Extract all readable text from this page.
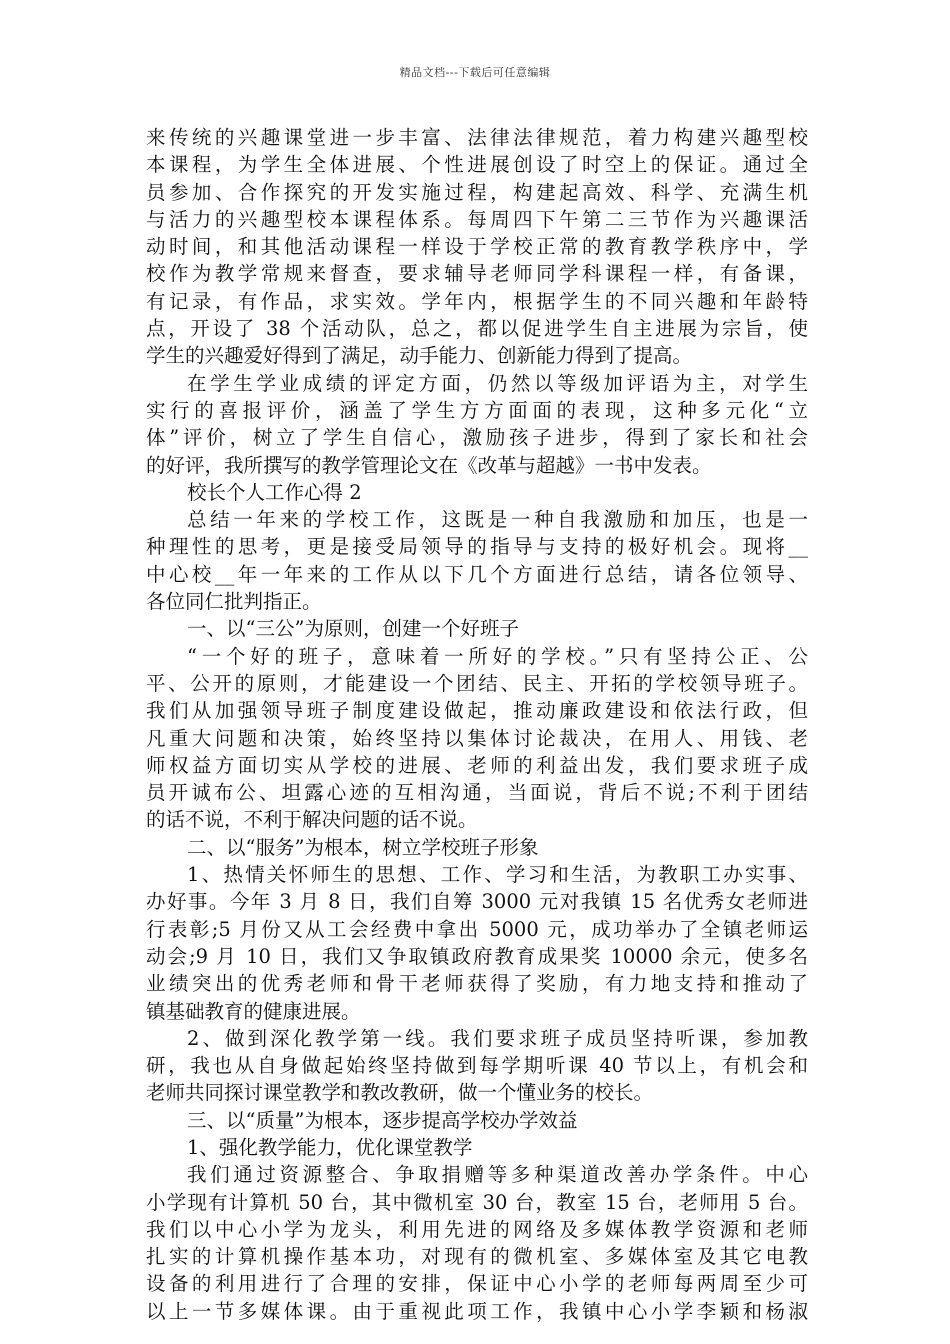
精品文档---下载后可任意编辑
来传统的兴趣课堂进一步丰富、法律法律规范，着力构建兴趣型校
本课程，为学生全体进展、个性进展创设了时空上的保证。通过全
员参加、合作探究的开发实施过程，构建起高效、科学、充满生机
与活力的兴趣型校本课程体系。每周四下午第二三节作为兴趣课活
动时间，和其他活动课程一样设于学校正常的教育教学秩序中，学
校作为教学常规来督查，要求辅导老师同学科课程一样，有备课，
有记录，有作品，求实效。学年内，根据学生的不同兴趣和年龄特
点，开设了 38 个活动队，总之，都以促进学生自主进展为宗旨，使
学生的兴趣爱好得到了满足，动手能力、创新能力得到了提高。
在学生学业成绩的评定方面，仍然以等级加评语为主，对学生
实行的喜报评价，涵盖了学生方方面面的表现，这种多元化“立
体”评价，树立了学生自信心，激励孩子进步，得到了家长和社会
的好评，我所撰写的教学管理论文在《改革与超越》一书中发表。
校长个人工作心得 2
总结一年来的学校工作，这既是一种自我激励和加压，也是一
种理性的思考，更是接受局领导的指导与支持的极好机会。现将__
中心校__年一年来的工作从以下几个方面进行总结，请各位领导、
各位同仁批判指正。
一、以“三公”为原则，创建一个好班子
“一个好的班子，意味着一所好的学校。”只有坚持公正、公
平、公开的原则，才能建设一个团结、民主、开拓的学校领导班子。
我们从加强领导班子制度建设做起，推动廉政建设和依法行政，但
凡重大问题和决策，始终坚持以集体讨论裁决，在用人、用钱、老
师权益方面切实从学校的进展、老师的利益出发，我们要求班子成
员开诚布公、坦露心迹的互相沟通，当面说，背后不说;不利于团结
的话不说，不利于解决问题的话不说。
二、以“服务”为根本，树立学校班子形象
1、热情关怀师生的思想、工作、学习和生活，为教职工办实事、
办好事。今年 3 月 8 日，我们自筹 3000 元对我镇 15 名优秀女老师进
行表彰;5 月份又从工会经费中拿出 5000 元，成功举办了全镇老师运
动会;9 月 10 日，我们又争取镇政府教育成果奖 10000 余元，使多名
业绩突出的优秀老师和骨干老师获得了奖励，有力地支持和推动了
镇基础教育的健康进展。
2、做到深化教学第一线。我们要求班子成员坚持听课，参加教
研，我也从自身做起始终坚持做到每学期听课 40 节以上，有机会和
老师共同探讨课堂教学和教改教研，做一个懂业务的校长。
三、以“质量”为根本，逐步提高学校办学效益
1、强化教学能力，优化课堂教学
我们通过资源整合、争取捐赠等多种渠道改善办学条件。中心
小学现有计算机 50 台，其中微机室 30 台，教室 15 台，老师用 5 台。
我们以中心小学为龙头，利用先进的网络及多媒体教学资源和老师
扎实的计算机操作基本功，对现有的微机室、多媒体室及其它电教
设备的利用进行了合理的安排，保证中心小学的老师每两周至少可
以上一节多媒体课。由于重视此项工作，我镇中心小学李颖和杨淑
